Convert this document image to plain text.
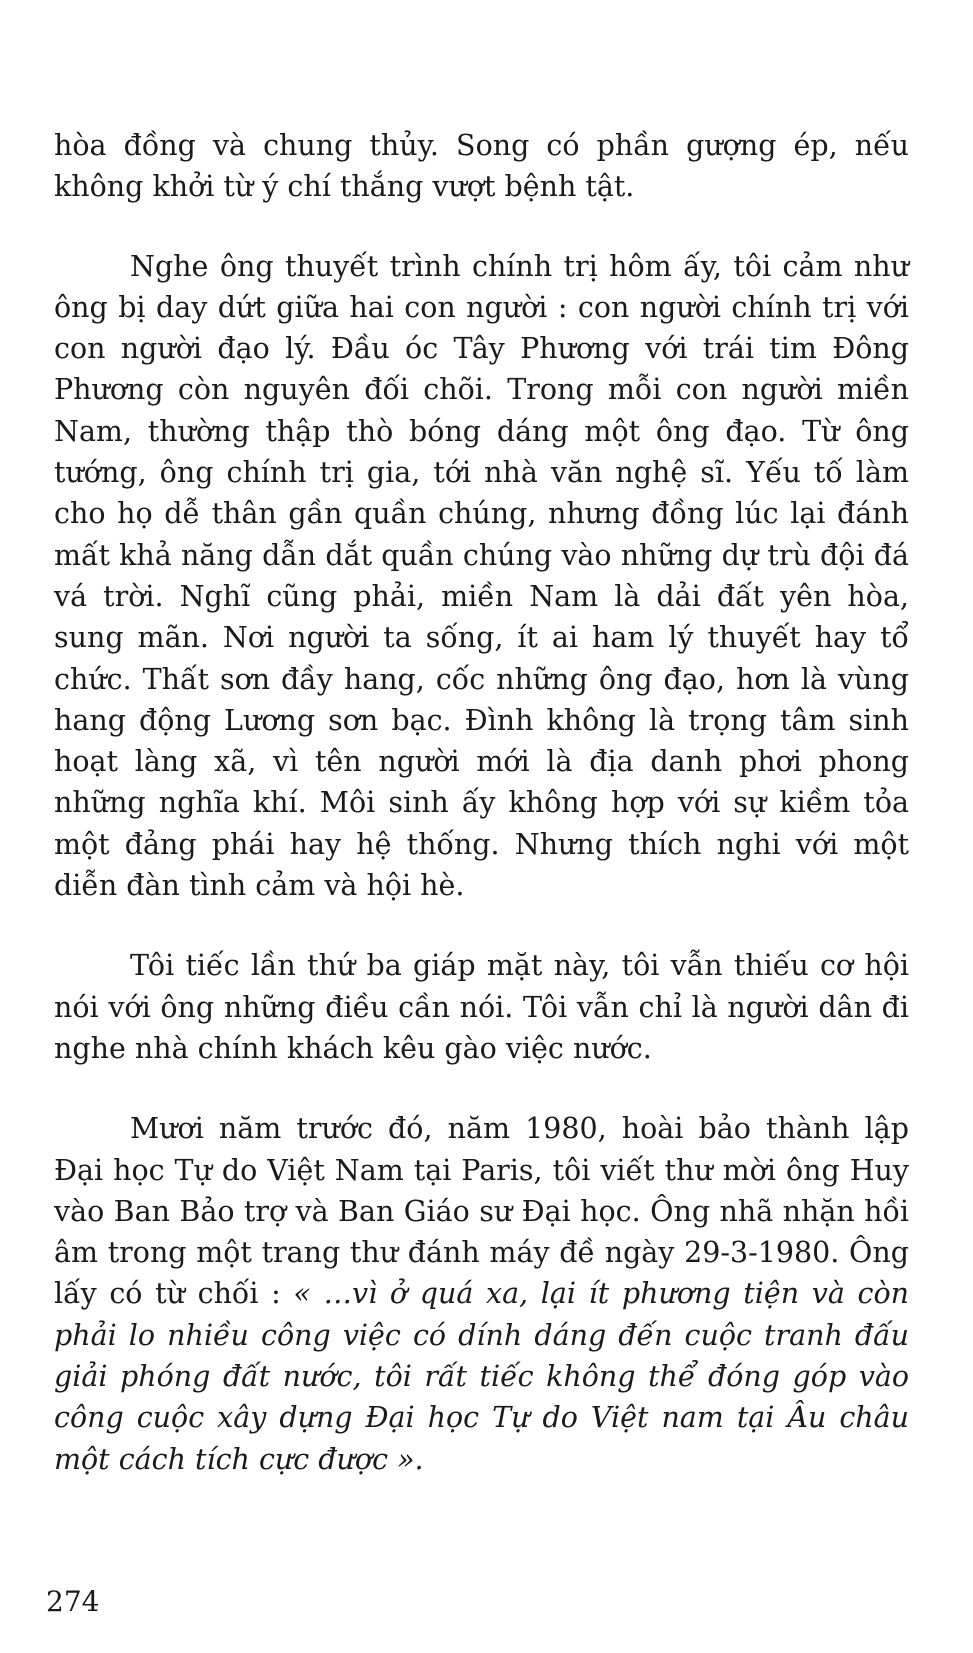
hòa đồng và chung thủy. Song có phần gượng ép, nếu không khởi từ ý chí thắng vượt bệnh tật.

Nghe ông thuyết trình chính trị hôm ấy, tôi cảm như ông bị day dứt giữa hai con người : con người chính trị với con người đạo lý. Đầu óc Tây Phương với trái tim Đông Phương còn nguyên đối chõi. Trong mỗi con người miền Nam, thường thập thò bóng dáng một ông đạo. Từ ông tướng, ông chính trị gia, tới nhà văn nghệ sĩ. Yếu tố làm cho họ dễ thân gần quần chúng, nhưng đồng lúc lại đánh mất khả năng dẫn dắt quần chúng vào những dự trù đội đá vá trời. Nghĩ cũng phải, miền Nam là dải đất yên hòa, sung mãn. Nơi người ta sống, ít ai ham lý thuyết hay tổ chức. Thất sơn đầy hang, cốc những ông đạo, hơn là vùng hang động Lương sơn bạc. Đình không là trọng tâm sinh hoạt làng xã, vì tên người mới là địa danh phơi phong những nghĩa khí. Môi sinh ấy không hợp với sự kiềm tỏa một đảng phái hay hệ thống. Nhưng thích nghi với một diễn đàn tình cảm và hội hè.

Tôi tiếc lần thứ ba giáp mặt này, tôi vẫn thiếu cơ hội nói với ông những điều cần nói. Tôi vẫn chỉ là người dân đi nghe nhà chính khách kêu gào việc nước.

Mươi năm trước đó, năm 1980, hoài bảo thành lập Đại học Tự do Việt Nam tại Paris, tôi viết thư mời ông Huy vào Ban Bảo trợ và Ban Giáo sư Đại học. Ông nhã nhặn hồi âm trong một trang thư đánh máy đề ngày 29-3-1980. Ông lấy có từ chối : « …vì ở quá xa, lại ít phương tiện và còn phải lo nhiều công việc có dính dáng đến cuộc tranh đấu giải phóng đất nước, tôi rất tiếc không thể đóng góp vào công cuộc xây dựng Đại học Tự do Việt nam tại Âu châu một cách tích cực được ».

274
